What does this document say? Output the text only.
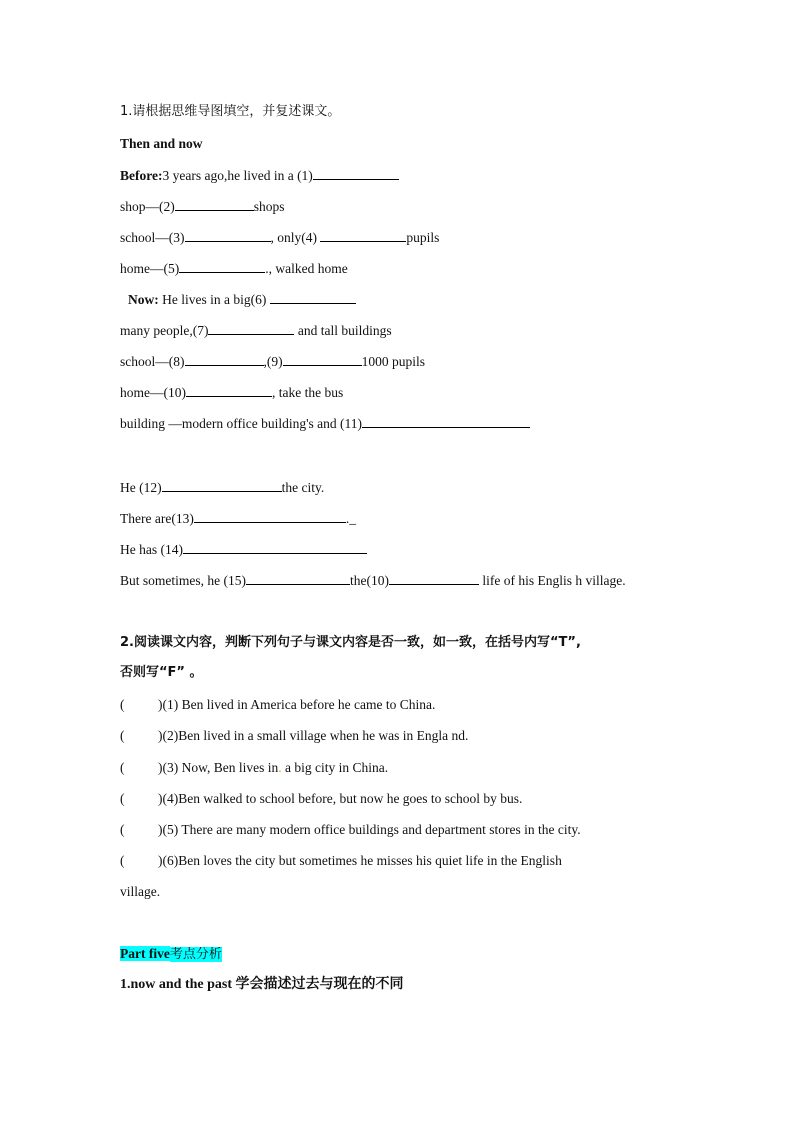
1.请根据思维导图填空，并复述课文。
Then and now
Before:3 years ago,he lived in a (1)
shop—(2)	shops
school—(3)	, only(4)	pupils
home—(5)	., walked home
Now: He lives in a big(6)
many people,(7)	and tall buildings
school—(8)	,(9)	1000 pupils
home—(10)	, take the bus
building —modern office building's and (11)
He (12)	the city.
There are(13)	._
He has (14)
But sometimes, he (15)	the(10)	life of his Englis h village.
2.阅读课文内容，判断下列句子与课文内容是否一致，如一致，在括号内写“T”,
否则写“F” 。
( )(1) Ben lived in America before he came to China.
( )(2)Ben lived in a small village when he was in Engla nd.
( )(3) Now, Ben lives in. a big city in China.
( )(4)Ben walked to school before, but now he goes to school by bus.
( )(5) There are many modern office buildings and department stores in the city.
( )(6)Ben loves the city but sometimes he misses his quiet life in the English
village.
Part five考点分析
1.now and the past 学会描述过去与现在的不同
